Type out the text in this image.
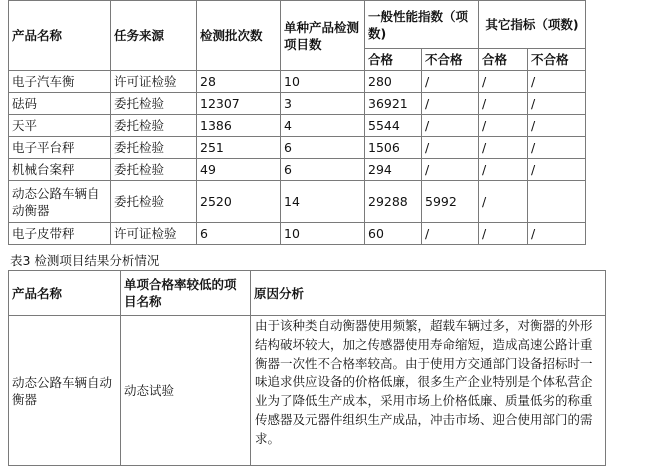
产品名称	任务来源	检测批次数	单种产品检测项目数	一般性能指数（项数)		其它指标（项数)	
				合格	不合格	合格	不合格
电子汽车衡	许可证检验	28	10	280	/	/	/
砝码	委托检验	12307	3	36921	/	/	/
天平	委托检验	1386	4	5544	/	/	/
电子平台秤	委托检验	251	6	1506	/	/	/
机械台案秤	委托检验	49	6	294	/	/	/
动态公路车辆自动衡器	委托检验	2520	14	29288	5992	/	
电子皮带秤	许可证检验	6	10	60	/	/	/
表3 检测项目结果分析情况
产品名称	单项合格率较低的项目名称	原因分析
动态公路车辆自动衡器	动态试验	由于该种类自动衡器使用频繁，超载车辆过多，对衡器的外形结构破坏较大，加之传感器使用寿命缩短，造成高速公路计重衡器一次性不合格率较高。由于使用方交通部门设备招标时一味追求供应设备的价格低廉，很多生产企业特别是个体私营企业为了降低生产成本，采用市场上价格低廉、质量低劣的称重传感器及元器件组织生产成品，冲击市场、迎合使用部门的需求。
